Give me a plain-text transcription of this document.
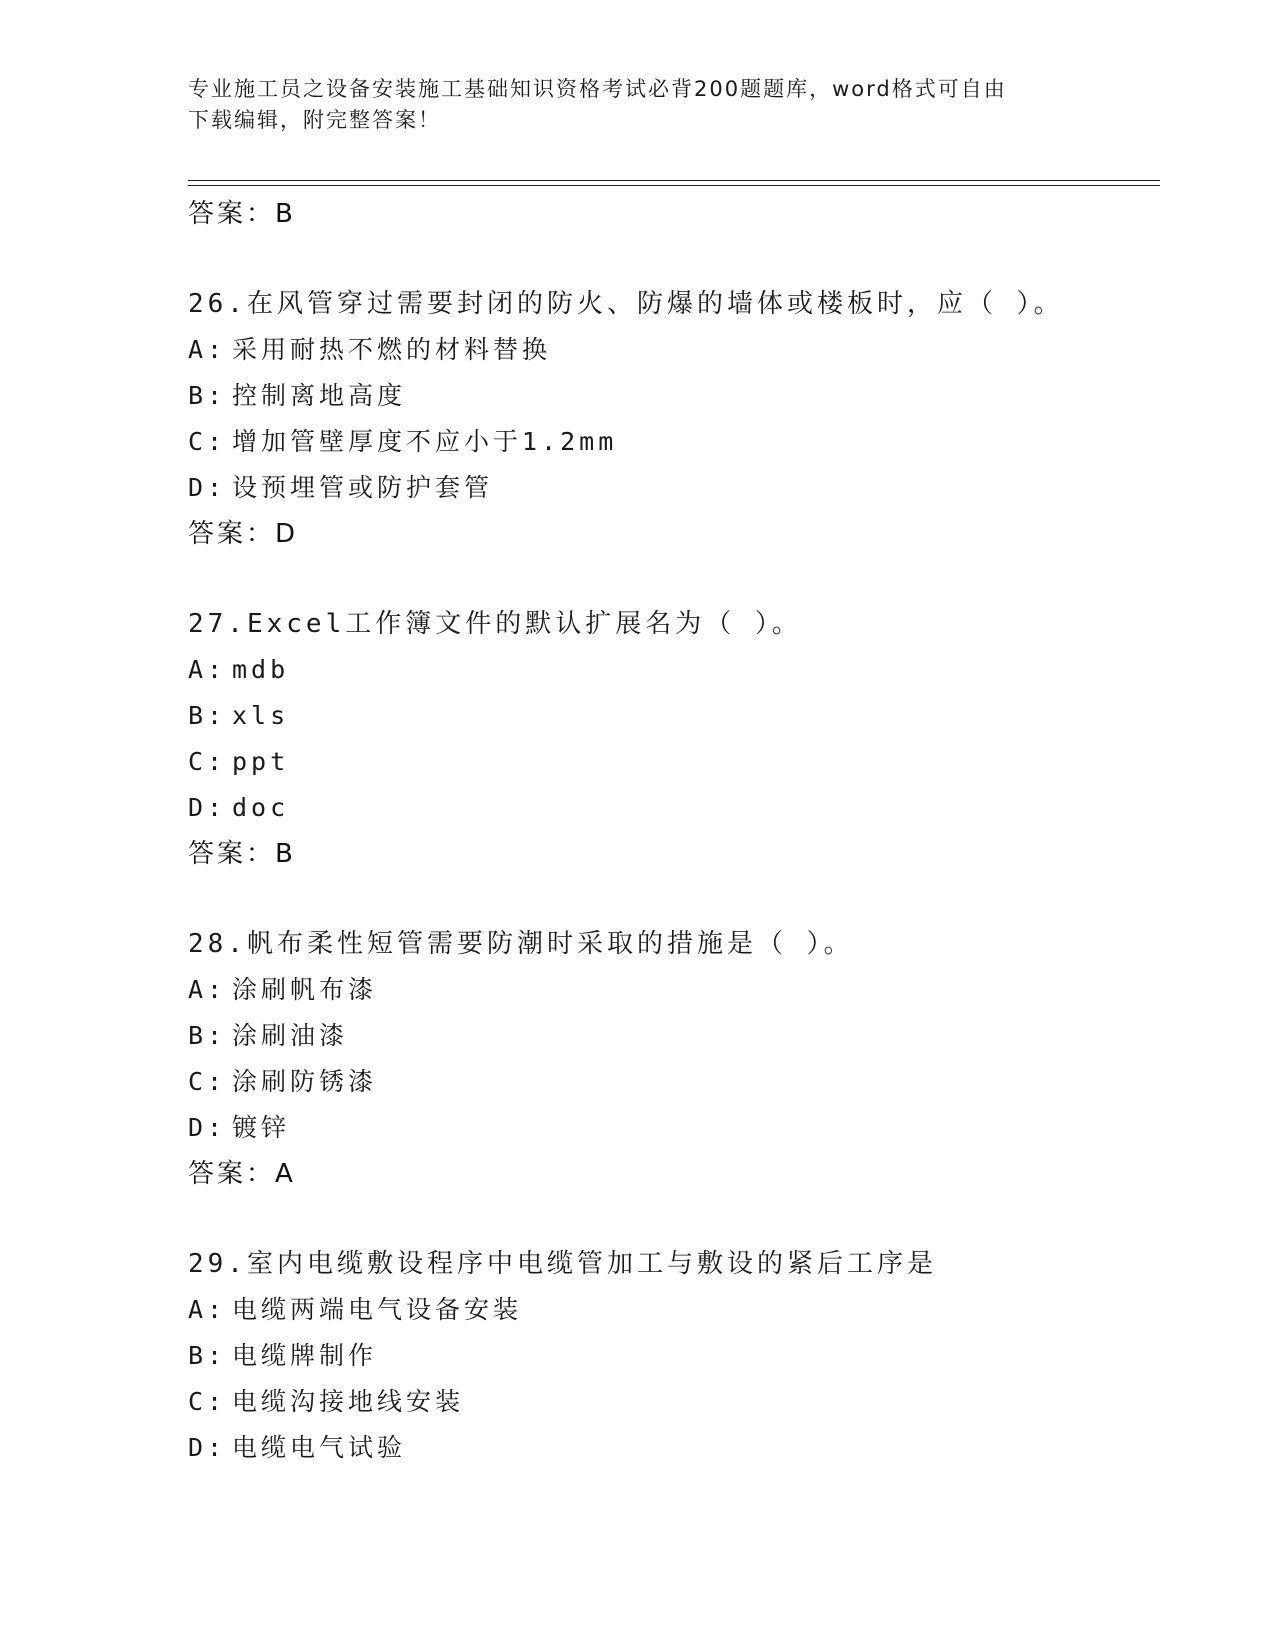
专业施工员之设备安装施工基础知识资格考试必背200题题库，word格式可自由
下载编辑，附完整答案！
答案：B
26.在风管穿过需要封闭的防火、防爆的墙体或楼板时，应（ ）。
A: 采用耐热不燃的材料替换
B: 控制离地高度
C: 增加管壁厚度不应小于1.2mm
D: 设预埋管或防护套管
答案：D
27.Excel工作簿文件的默认扩展名为（ ）。
A: mdb
B: xls
C: ppt
D: doc
答案：B
28.帆布柔性短管需要防潮时采取的措施是（ ）。
A: 涂刷帆布漆
B: 涂刷油漆
C: 涂刷防锈漆
D: 镀锌
答案：A
29.室内电缆敷设程序中电缆管加工与敷设的紧后工序是
A: 电缆两端电气设备安装
B: 电缆牌制作
C: 电缆沟接地线安装
D: 电缆电气试验
